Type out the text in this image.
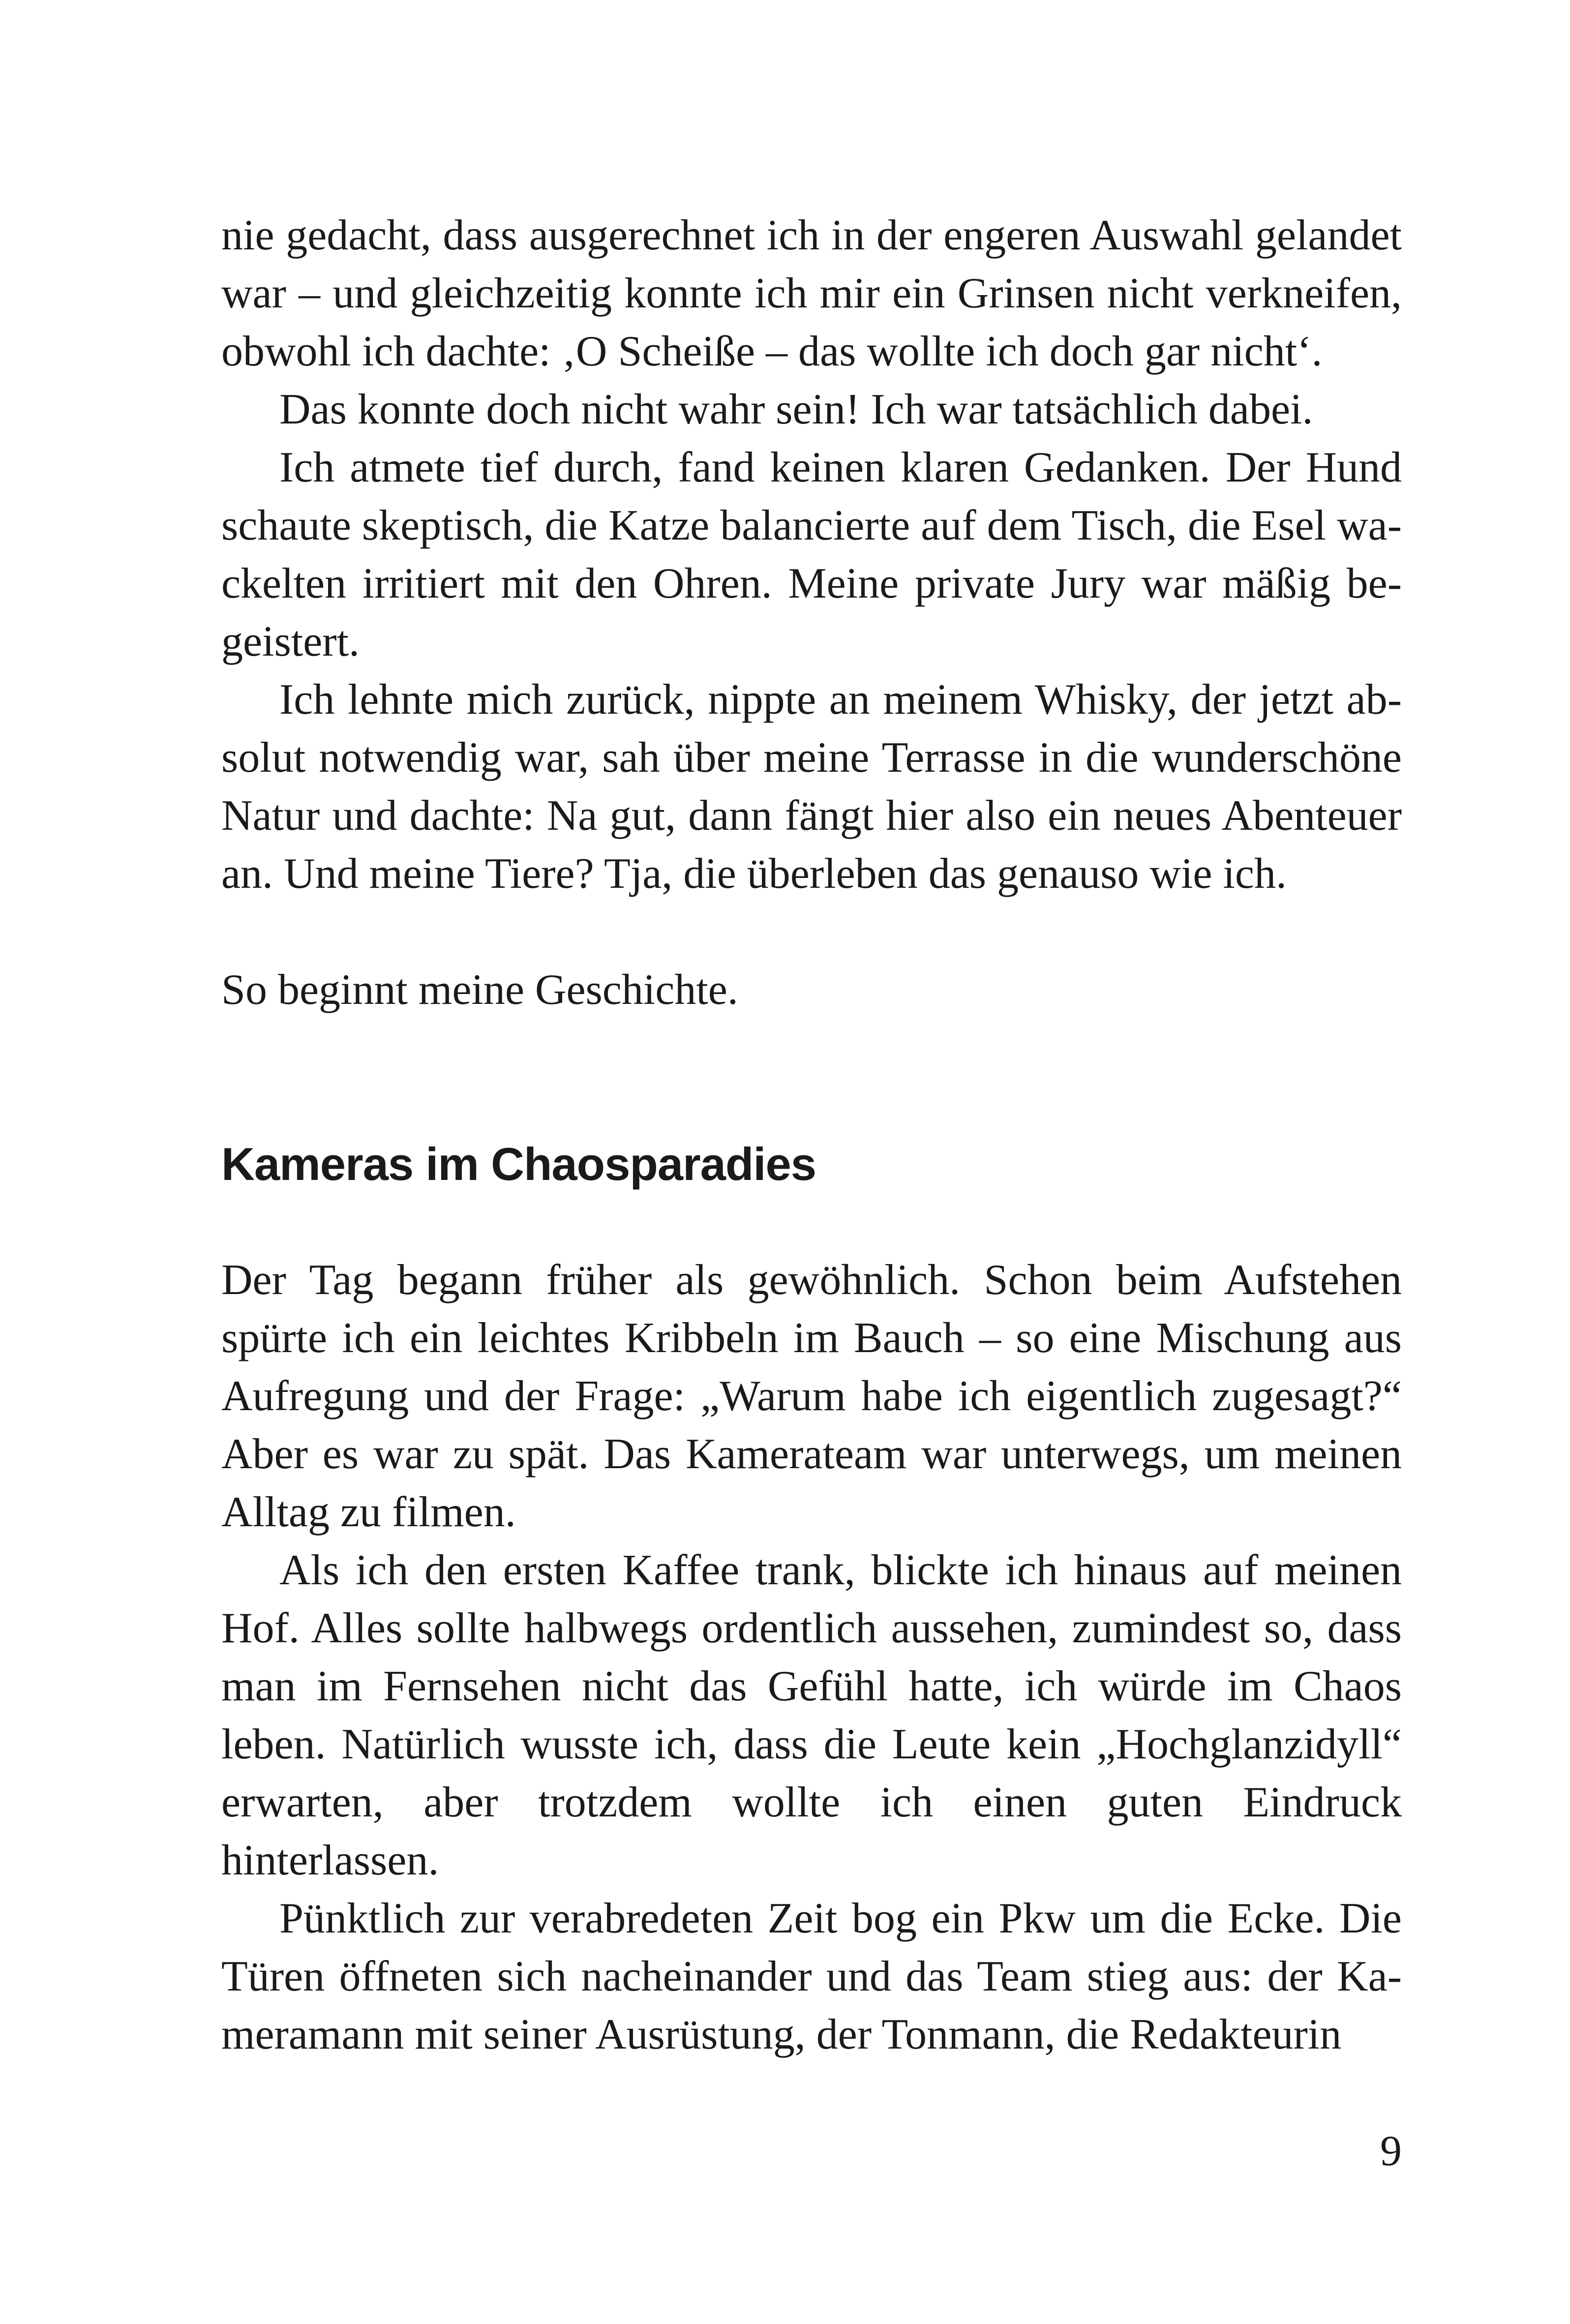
nie gedacht, dass ausgerechnet ich in der engeren Auswahl gelandet war – und gleichzeitig konnte ich mir ein Grinsen nicht verkneifen, obwohl ich dachte: ‚O Scheiße – das wollte ich doch gar nicht‘.

Das konnte doch nicht wahr sein! Ich war tatsächlich dabei.

Ich atmete tief durch, fand keinen klaren Gedanken. Der Hund schaute skeptisch, die Katze balancierte auf dem Tisch, die Esel wackelten irritiert mit den Ohren. Meine private Jury war mäßig begeistert.

Ich lehnte mich zurück, nippte an meinem Whisky, der jetzt absolut notwendig war, sah über meine Terrasse in die wunderschöne Natur und dachte: Na gut, dann fängt hier also ein neues Abenteuer an. Und meine Tiere? Tja, die überleben das genauso wie ich.

So beginnt meine Geschichte.

Kameras im Chaosparadies

Der Tag begann früher als gewöhnlich. Schon beim Aufstehen spürte ich ein leichtes Kribbeln im Bauch – so eine Mischung aus Aufregung und der Frage: „Warum habe ich eigentlich zugesagt?“ Aber es war zu spät. Das Kamerateam war unterwegs, um meinen Alltag zu filmen.

Als ich den ersten Kaffee trank, blickte ich hinaus auf meinen Hof. Alles sollte halbwegs ordentlich aussehen, zumindest so, dass man im Fernsehen nicht das Gefühl hatte, ich würde im Chaos leben. Natürlich wusste ich, dass die Leute kein „Hochglanzidyll“ erwarten, aber trotzdem wollte ich einen guten Eindruck hinterlassen.

Pünktlich zur verabredeten Zeit bog ein Pkw um die Ecke. Die Türen öffneten sich nacheinander und das Team stieg aus: der Kameramann mit seiner Ausrüstung, der Tonmann, die Redakteurin

9
